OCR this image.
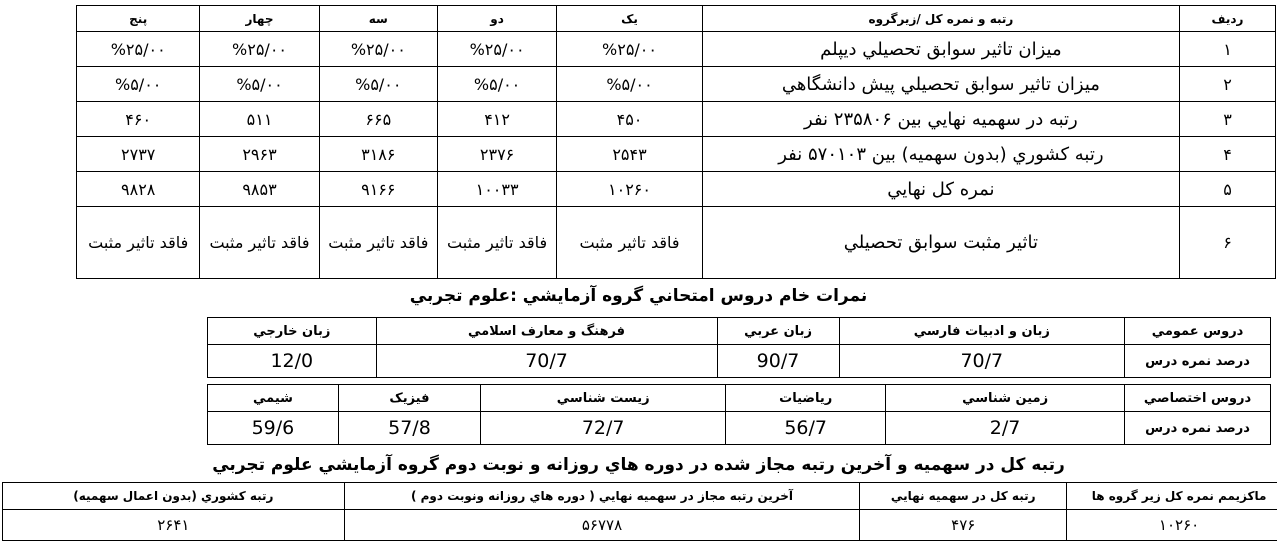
رديف	رتبه و نمره کل /زيرگروه	يک	دو	سه	چهار	پنج
۱	ميزان تاثير سوابق تحصيلي ديپلم	%۲۵/۰۰	%۲۵/۰۰	%۲۵/۰۰	%۲۵/۰۰	%۲۵/۰۰
۲	ميزان تاثير سوابق تحصيلي پيش دانشگاهي	%۵/۰۰	%۵/۰۰	%۵/۰۰	%۵/۰۰	%۵/۰۰
۳	رتبه در سهميه نهايي بين ۲۳۵۸۰۶ نفر	۴۵۰	۴۱۲	۶۶۵	۵۱۱	۴۶۰
۴	رتبه کشوري (بدون سهميه) بين ۵۷۰۱۰۳ نفر	۲۵۴۳	۲۳۷۶	۳۱۸۶	۲۹۶۳	۲۷۳۷
۵	نمره کل نهايي	۱۰۲۶۰	۱۰۰۳۳	۹۱۶۶	۹۸۵۳	۹۸۲۸
۶	تاثير مثبت سوابق تحصيلي	فاقد تاثير مثبت	فاقد تاثير مثبت	فاقد تاثير مثبت	فاقد تاثير مثبت	فاقد تاثير مثبت
نمرات خام دروس امتحاني گروه آزمايشي :علوم تجربي
دروس عمومي	زبان و ادبيات فارسي	زبان عربي	فرهنگ و معارف اسلامي	زبان خارجي
درصد نمره درس	70/7	90/7	70/7	12/0
دروس اختصاصي	زمين شناسي	رياضيات	زيست شناسي	فيزيک	شيمي
درصد نمره درس	2/7	56/7	72/7	57/8	59/6
رتبه کل در سهميه و آخرين رتبه مجاز شده در دوره هاي روزانه و نوبت دوم گروه آزمايشي علوم تجربي
ماکزيمم نمره کل زير گروه ها	رتبه کل در سهميه نهايي	آخرين رتبه مجاز در سهميه نهايي ( دوره هاي روزانه ونوبت دوم )	رتبه کشوري (بدون اعمال سهميه)
۱۰۲۶۰	۴۷۶	۵۶۷۷۸	۲۶۴۱
